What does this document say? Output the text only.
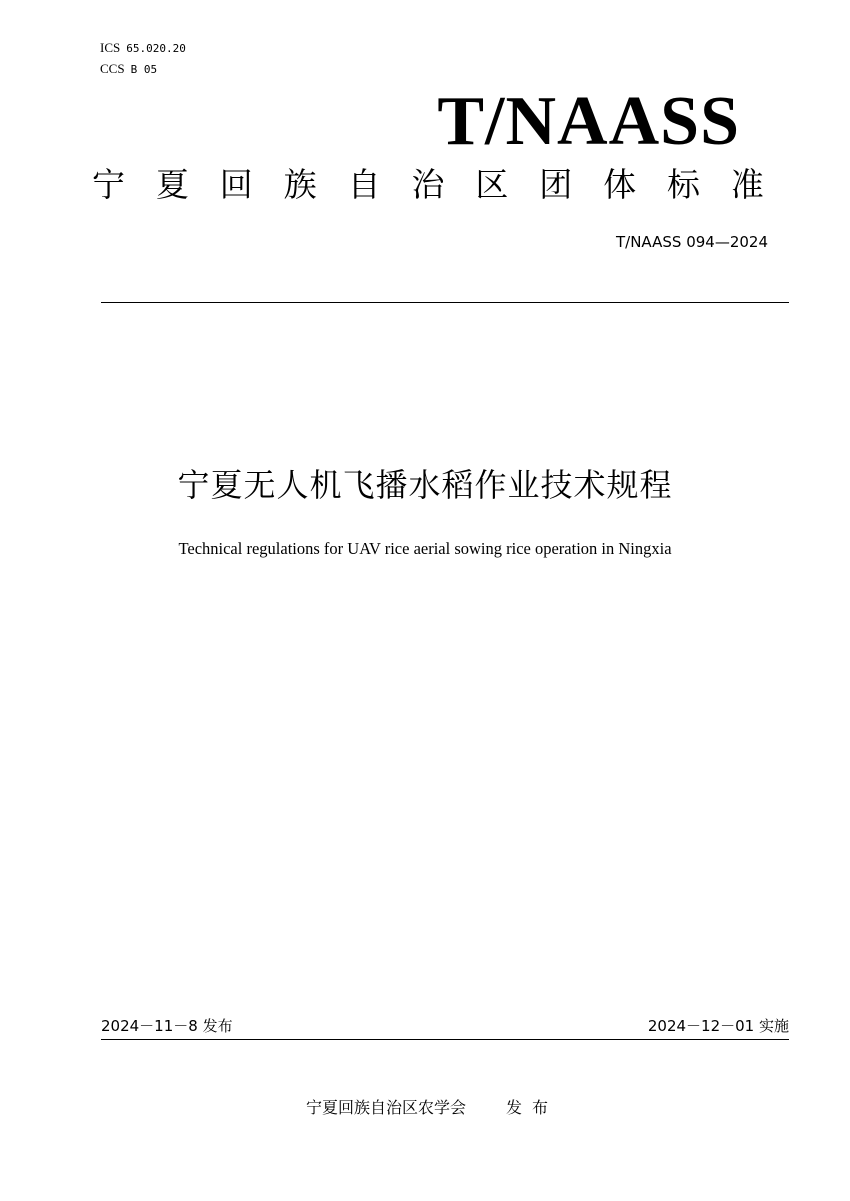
ICS 65.020.20
CCS B 05
T/NAASS
宁 夏 回 族 自 治 区 团 体 标 准
T/NAASS 094—2024
宁夏无人机飞播水稻作业技术规程
Technical regulations for UAV rice aerial sowing rice operation in Ningxia
2024－11－8 发布	2024－12－01 实施
宁夏回族自治区农学会	发 布
